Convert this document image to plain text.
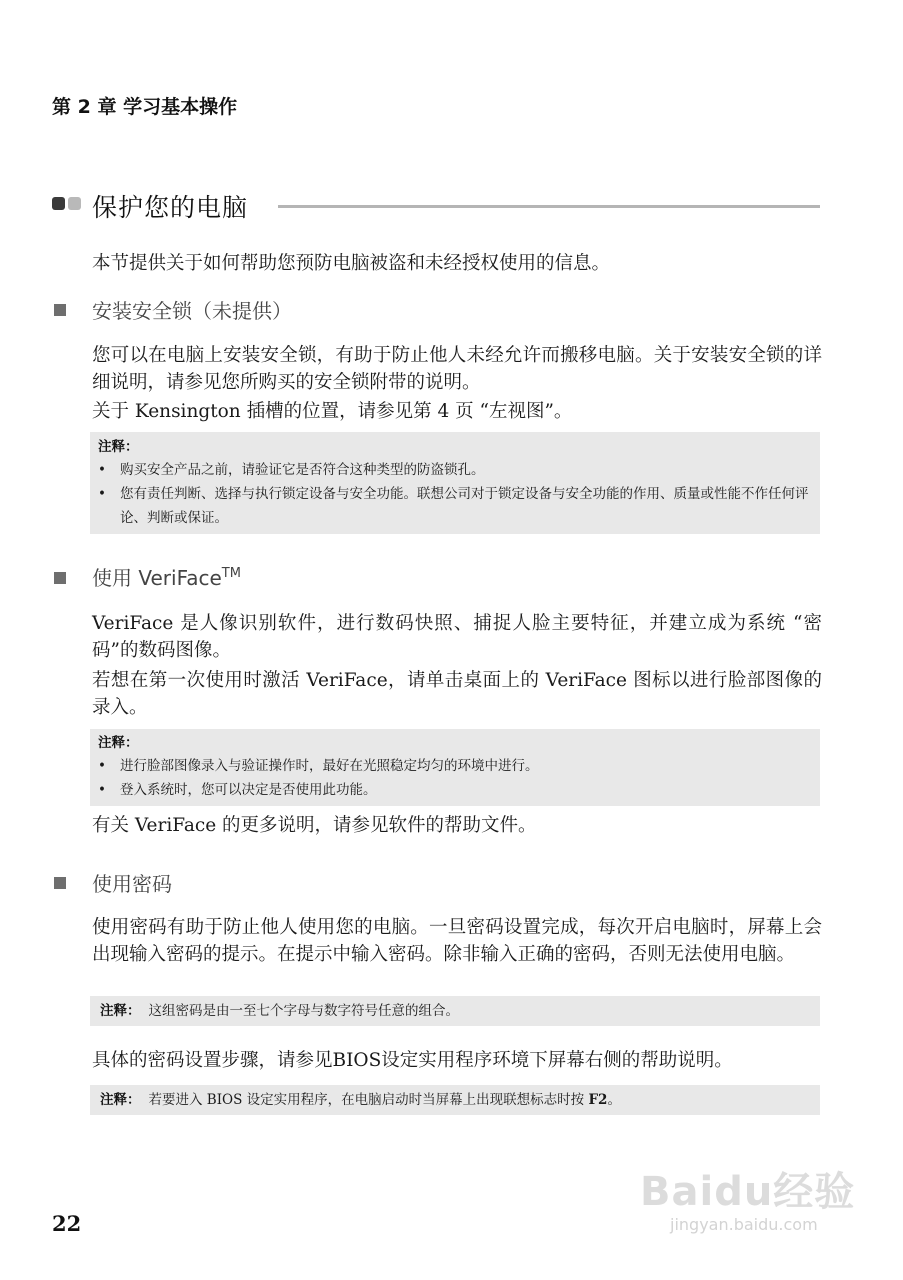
第 2 章 学习基本操作
保护您的电脑
本节提供关于如何帮助您预防电脑被盗和未经授权使用的信息。
安装安全锁（未提供）
您可以在电脑上安装安全锁，有助于防止他人未经允许而搬移电脑。关于安装安全锁的详细说明，请参见您所购买的安全锁附带的说明。
关于 Kensington 插槽的位置，请参见第 4 页 “左视图”。
注释：
• 购买安全产品之前，请验证它是否符合这种类型的防盗锁孔。
• 您有责任判断、选择与执行锁定设备与安全功能。联想公司对于锁定设备与安全功能的作用、质量或性能不作任何评论、判断或保证。
使用 VeriFace™
VeriFace 是人像识别软件，进行数码快照、捕捉人脸主要特征，并建立成为系统 “密码”的数码图像。
若想在第一次使用时激活 VeriFace，请单击桌面上的 VeriFace 图标以进行脸部图像的录入。
注释：
• 进行脸部图像录入与验证操作时，最好在光照稳定均匀的环境中进行。
• 登入系统时，您可以决定是否使用此功能。
有关 VeriFace 的更多说明，请参见软件的帮助文件。
使用密码
使用密码有助于防止他人使用您的电脑。一旦密码设置完成，每次开启电脑时，屏幕上会出现输入密码的提示。在提示中输入密码。除非输入正确的密码，否则无法使用电脑。
注释： 这组密码是由一至七个字母与数字符号任意的组合。
具体的密码设置步骤，请参见BIOS设定实用程序环境下屏幕右侧的帮助说明。
注释： 若要进入 BIOS 设定实用程序，在电脑启动时当屏幕上出现联想标志时按 F2。
22
Baidu经验
jingyan.baidu.com
